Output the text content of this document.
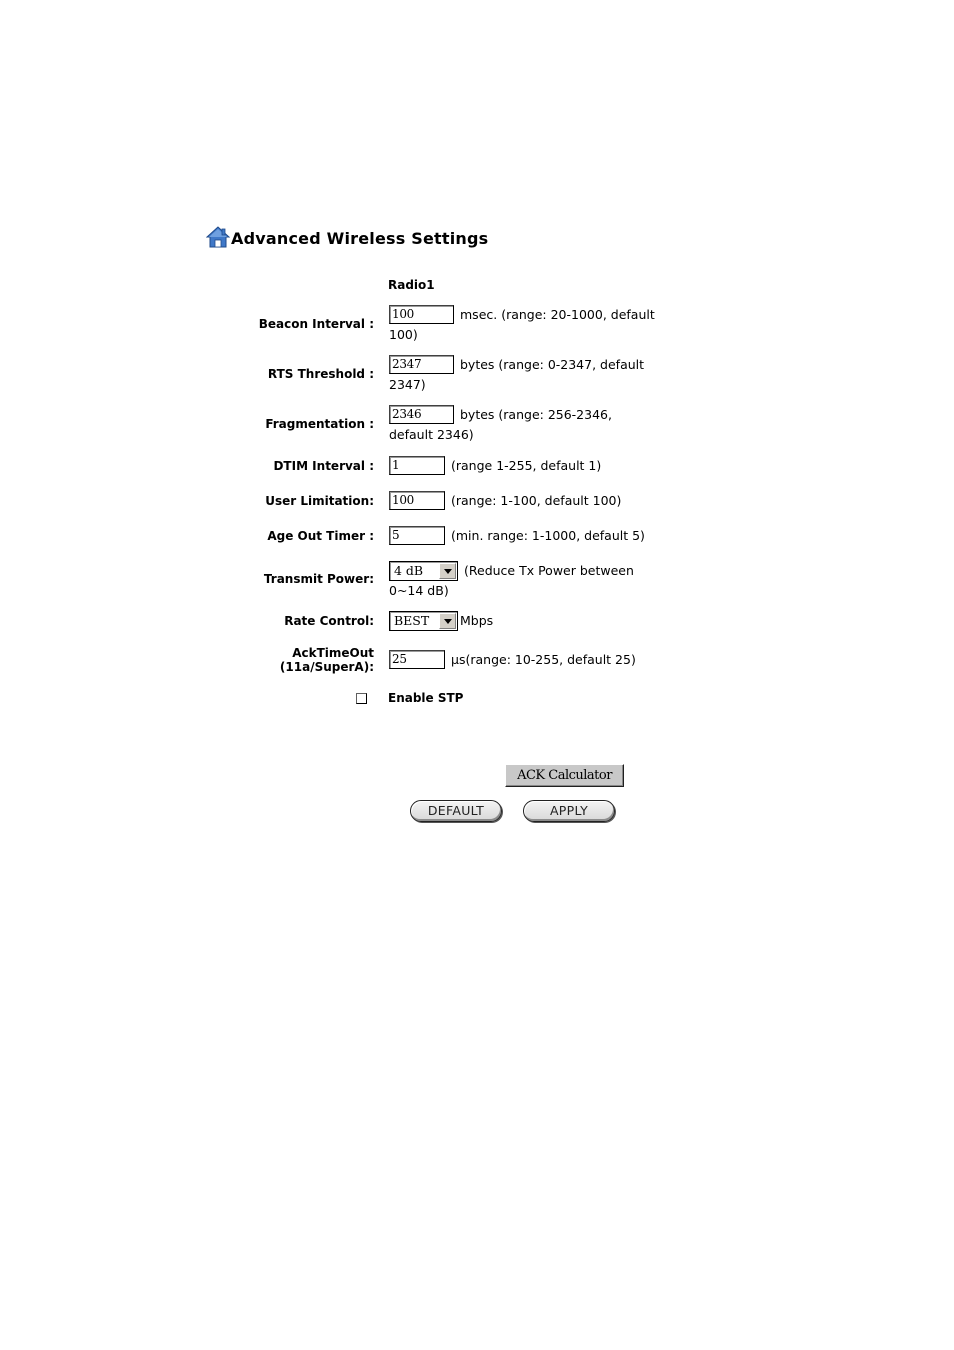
Advanced Wireless Settings
Radio1
Beacon Interval :
100	msec. (range: 20-1000, default 100)
RTS Threshold :
2347	bytes (range: 0-2347, default 2347)
Fragmentation :
2346	bytes (range: 256-2346, default 2346)
DTIM Interval : 1	(range 1-255, default 1)
User Limitation: 100	(range: 1-100, default 100)
Age Out Timer : 5	(min. range: 1-1000, default 5)
Transmit Power:
4 dB	(Reduce Tx Power between 0~14 dB)
Rate Control:	BEST	Mbps
AckTimeOut
(11a/SuperA):
25	µs(range: 10-255, default 25)
Enable STP
ACK Calculator
DEFAULT	APPLY
